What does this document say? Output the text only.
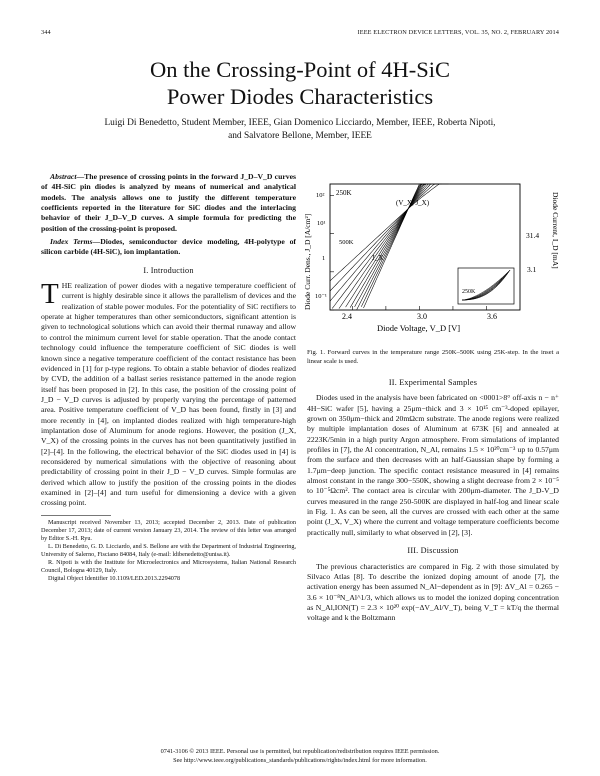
344	IEEE ELECTRON DEVICE LETTERS, VOL. 35, NO. 2, FEBRUARY 2014
On the Crossing-Point of 4H-SiC
Power Diodes Characteristics
Luigi Di Benedetto, Student Member, IEEE, Gian Domenico Licciardo, Member, IEEE, Roberta Nipoti,
and Salvatore Bellone, Member, IEEE

Abstract—The presence of crossing points in the forward J_D–V_D curves of 4H-SiC pin diodes is analyzed by means of numerical and analytical models. The analysis allows one to justify the different temperature coefficients reported in the literature for SiC diodes and the interlacing behavior of their J_D–V_D curves. A simple formula for predicting the position of the crossing-point is proposed.

Index Terms—Diodes, semiconductor device modeling, 4H-polytype of silicon carbide (4H-SiC), ion implantation.

I. Introduction

THE realization of power diodes with a negative temperature coefficient of current is highly desirable since it allows the parallelism of devices and the realization of stable power modules. For the potentiality of SiC rectifiers to operate at higher temperatures than other semiconductors, significant attention is given to technological solutions which can avoid their thermal runaway and allow to control the minimum current level for stable operation. That the anode contact technology could influence the temperature coefficient of SiC diodes is well known since a negative temperature coefficient of the contact resistance has been evidenced in [1] for p-type regions. To obtain a stable behavior of diodes realized by CVD, the addition of a ballast series resistance patterned in the anode region itself has been proposed in [2]. In this case, the position of the crossing point of J_D − V_D curves is adjusted by properly varying the percentage of patterned area. Positive temperature coefficient of V_D has been found, firstly in [3] and more recently in [4], on implanted diodes realized with high temperature-high implantation dose of Aluminum for anode regions. However, the position (J_X, V_X) of the crossing points in the curves has not been quantitatively justified in [2]–[4]. In the following, the electrical behavior of the SiC diodes used in [4] is reconsidered by numerical simulations with the objective of reasoning about predictability of crossing point in their J_D − V_D curves. Simple formulas are derived which allow to justify the position of the crossing points in the diodes examined in [2]–[4] and turn useful for dimensioning a device with a given crossing point.

Manuscript received November 13, 2013; accepted December 2, 2013. Date of publication December 17, 2013; date of current version January 23, 2014. The review of this letter was arranged by Editor S.-H. Ryu.

L. Di Benedetto, G. D. Licciardo, and S. Bellone are with the Department of Industrial Engineering, University of Salerno, Fisciano 84084, Italy (e-mail: ldibenedetto@unisa.it).

R. Nipoti is with the Institute for Microelectronics and Microsystems, Italian National Research Council, Bologna 40129, Italy.

Digital Object Identifier 10.1109/LED.2013.2294078

250K
500K
250K
(V_X, J_X)
J_X
2.4	3.0	3.6
Diode Voltage, V_D [V]
10²
10¹
1
10⁻¹
Diode Curr. Dens., J_D [A/cm²]	31.4
3.1
Diode Current, I_D [mA]
Fig. 1. Forward curves in the temperature range 250K–500K using 25K-step. In the inset a linear scale is used.
II. Experimental Samples

Diodes used in the analysis have been fabricated on <0001>8° off-axis n − n⁺ 4H−SiC wafer [5], having a 25μm−thick and 3 × 10¹⁵ cm⁻³-doped epilayer, grown on 350μm−thick and 20mΩcm substrate. The anode regions were realized by multiple implantation doses of Aluminum at 673K [6] and annealed at 2223K/5min in a high purity Argon atmosphere. From simulations of implanted profiles in [7], the Al concentration, N_Al, remains 1.5 × 10²⁰cm⁻³ up to 0.57μm from the surface and then decreases with an half-Gaussian shape by forming a 1.7μm−deep junction. The specific contact resistance measured in [4] remains almost constant in the range 300−550K, showing a slight decrease from 2 × 10⁻⁵ to 10⁻⁵Ωcm². The contact area is circular with 200μm-diameter. The J_D-V_D curves measured in the range 250-500K are displayed in half-log and linear scale in Fig. 1. As can be seen, all the curves are crossed with each other at the same point (J_X, V_X) where the current and voltage temperature coefficients become practically null, similarly to what observed in [2], [3].

III. Discussion

The previous characteristics are compared in Fig. 2 with those simulated by Silvaco Atlas [8]. To describe the ionized doping amount of anode [7], the activation energy has been assumed N_Al−dependent as in [9]: ΔV_Al = 0.265 − 3.6 × 10⁻⁸N_Al^1/3, which allows us to model the ionized doping concentration as N_Al,ION(T) = 2.3 × 10²⁰ exp(−ΔV_Al/V_T), being V_T = kT/q the thermal voltage and k the Boltzmann

0741-3106 © 2013 IEEE. Personal use is permitted, but republication/redistribution requires IEEE permission.
See http://www.ieee.org/publications_standards/publications/rights/index.html for more information.
